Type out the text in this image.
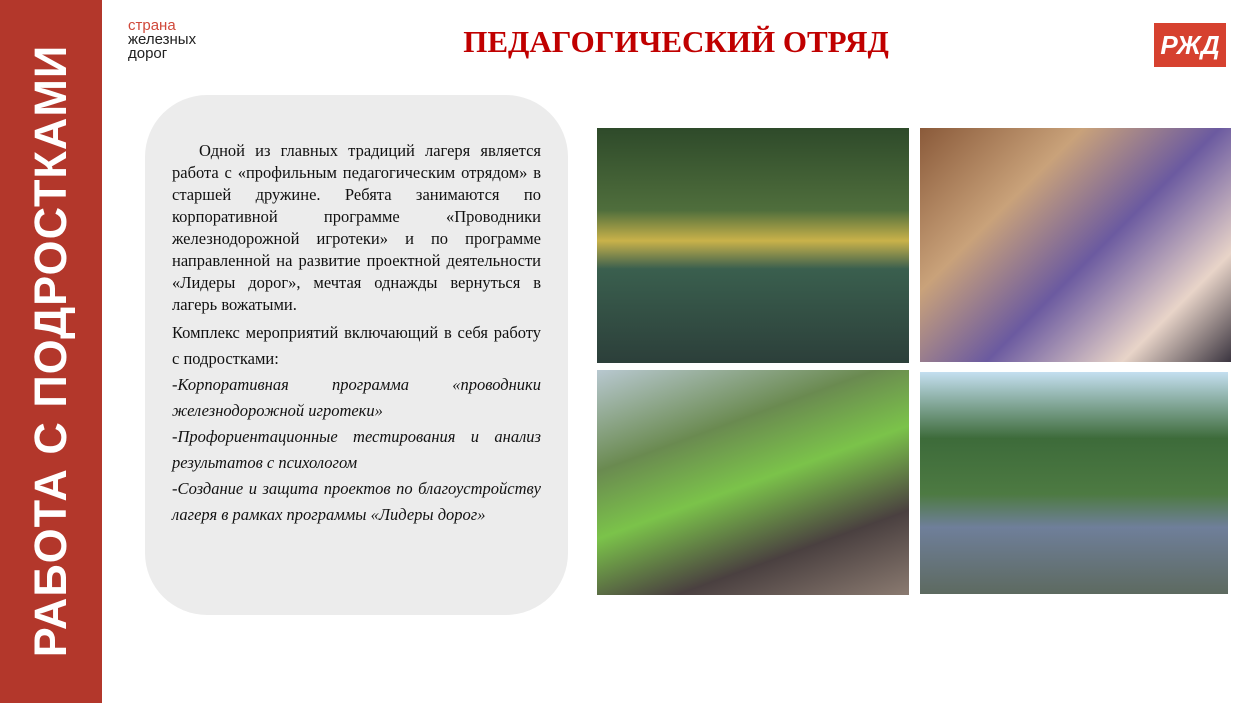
РАБОТА С ПОДРОСТКАМИ
страна
железных
дорог	ПЕДАГОГИЧЕСКИЙ ОТРЯД	РЖД

Одной из главных традиций лагеря является работа с «профильным педагогическим отрядом» в старшей дружине. Ребята занимаются по корпоративной программе «Проводники железнодорожной игротеки» и по программе направленной на развитие проектной деятельности «Лидеры дорог», мечтая однажды вернуться в лагерь вожатыми.

Комплекс мероприятий включающий в себя работу с подростками:

-Корпоративная программа «проводники железнодорожной игротеки»

-Профориентационные тестирования и анализ результатов с психологом

-Создание и защита проектов по благоустройству лагеря в рамках программы «Лидеры дорог»
